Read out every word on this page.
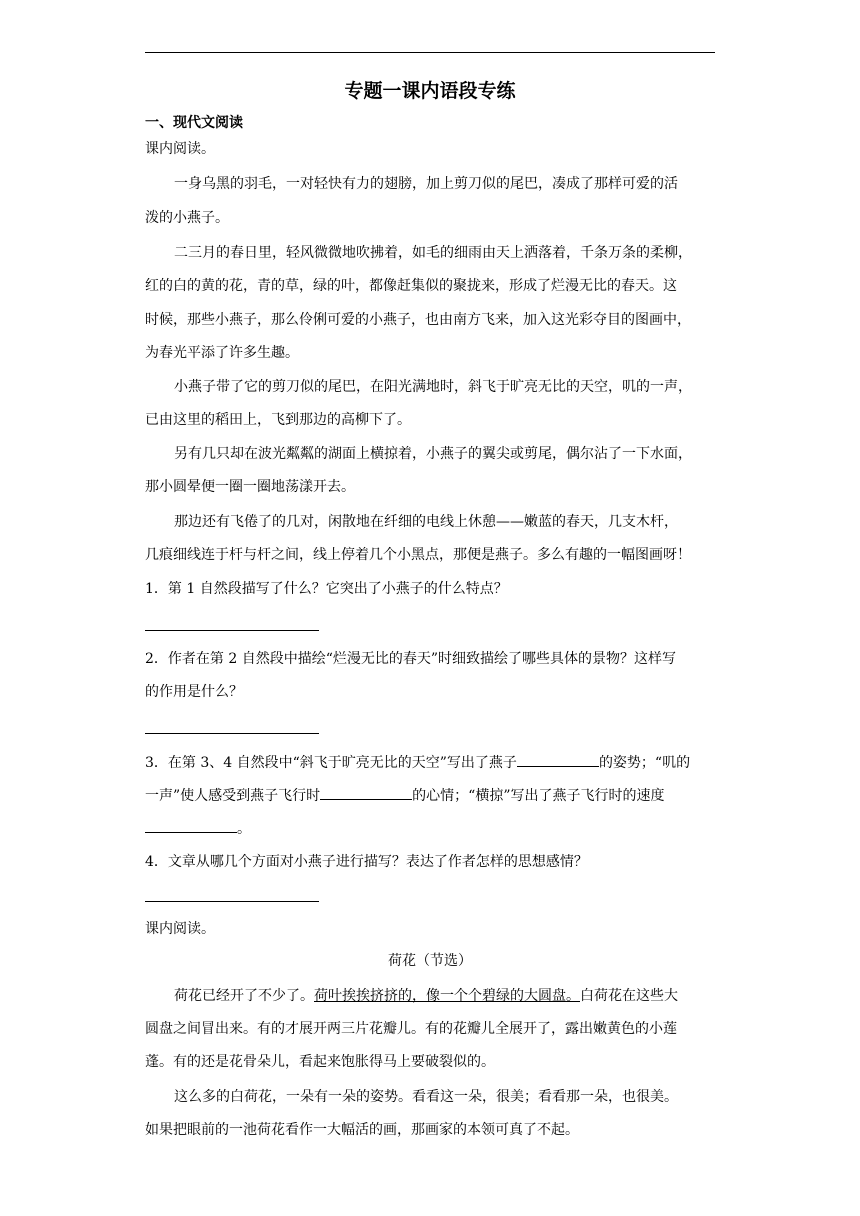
专题一课内语段专练
一、现代文阅读
课内阅读。
一身乌黑的羽毛，一对轻快有力的翅膀，加上剪刀似的尾巴，凑成了那样可爱的活
泼的小燕子。
二三月的春日里，轻风微微地吹拂着，如毛的细雨由天上洒落着，千条万条的柔柳，
红的白的黄的花，青的草，绿的叶，都像赶集似的聚拢来，形成了烂漫无比的春天。这
时候，那些小燕子，那么伶俐可爱的小燕子，也由南方飞来，加入这光彩夺目的图画中，
为春光平添了许多生趣。
小燕子带了它的剪刀似的尾巴，在阳光满地时，斜飞于旷亮无比的天空，叽的一声，
已由这里的稻田上，飞到那边的高柳下了。
另有几只却在波光粼粼的湖面上横掠着，小燕子的翼尖或剪尾，偶尔沾了一下水面，
那小圆晕便一圈一圈地荡漾开去。
那边还有飞倦了的几对，闲散地在纤细的电线上休憩——嫩蓝的春天，几支木杆，
几痕细线连于杆与杆之间，线上停着几个小黑点，那便是燕子。多么有趣的一幅图画呀！
1．第 1 自然段描写了什么？它突出了小燕子的什么特点？
2．作者在第 2 自然段中描绘“烂漫无比的春天”时细致描绘了哪些具体的景物？这样写
的作用是什么？
3．在第 3、4 自然段中“斜飞于旷亮无比的天空”写出了燕子	的姿势；“叽的
一声”使人感受到燕子飞行时	的心情；“横掠”写出了燕子飞行时的速度
。
4．文章从哪几个方面对小燕子进行描写？表达了作者怎样的思想感情？
课内阅读。
荷花（节选）
荷花已经开了不少了。荷叶挨挨挤挤的，像一个个碧绿的大圆盘。白荷花在这些大
圆盘之间冒出来。有的才展开两三片花瓣儿。有的花瓣儿全展开了，露出嫩黄色的小莲
蓬。有的还是花骨朵儿，看起来饱胀得马上要破裂似的。
这么多的白荷花，一朵有一朵的姿势。看看这一朵，很美；看看那一朵，也很美。
如果把眼前的一池荷花看作一大幅活的画，那画家的本领可真了不起。
